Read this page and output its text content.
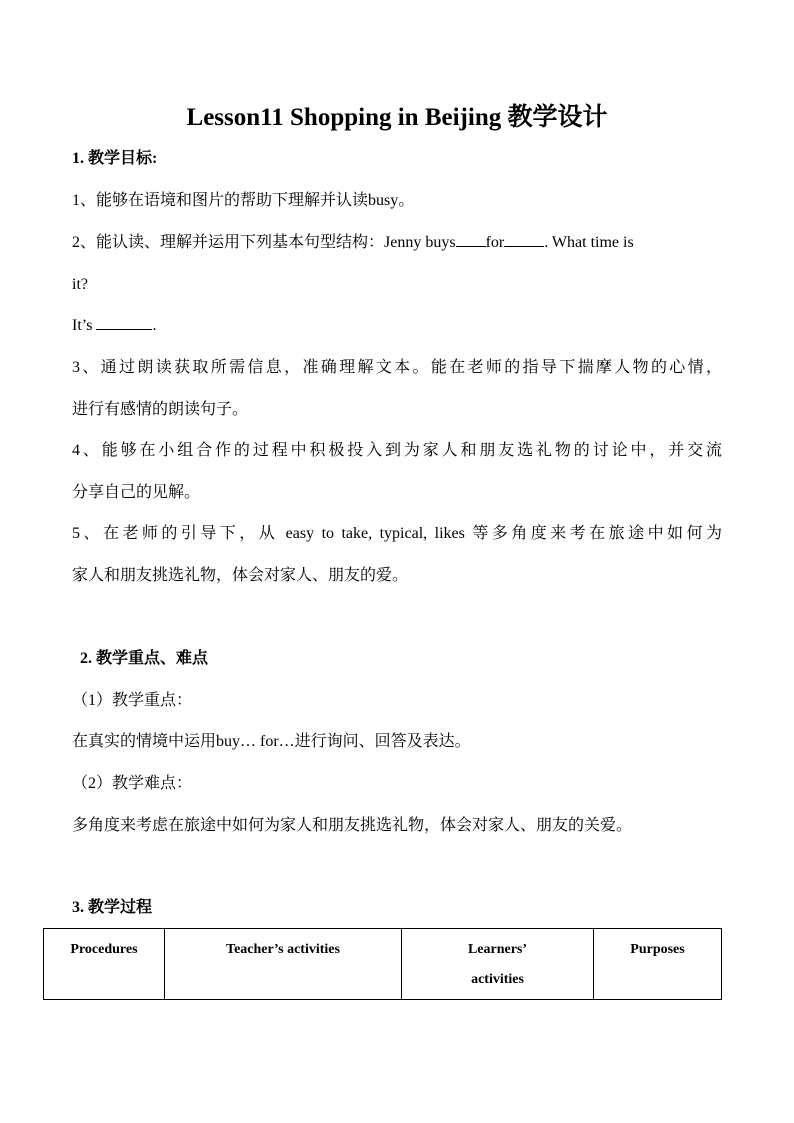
Lesson11 Shopping in Beijing 教学设计
1. 教学目标:
1、能够在语境和图片的帮助下理解并认读busy。
2、能认读、理解并运用下列基本句型结构：Jenny buys for	. What time is
it?
It’s	.
3、通过朗读获取所需信息，准确理解文本。能在老师的指导下揣摩人物的心情，
进行有感情的朗读句子。
4、能够在小组合作的过程中积极投入到为家人和朋友选礼物的讨论中，并交流
分享自己的见解。
5、在老师的引导下，从 easy to take, typical, likes 等多角度来考在旅途中如何为
家人和朋友挑选礼物，体会对家人、朋友的爱。
2. 教学重点、难点
（1）教学重点：
在真实的情境中运用buy… for…进行询问、回答及表达。
（2）教学难点：
多角度来考虑在旅途中如何为家人和朋友挑选礼物，体会对家人、朋友的关爱。
3. 教学过程
Procedures	Teacher’s activities	Learners’
activities	Purposes
